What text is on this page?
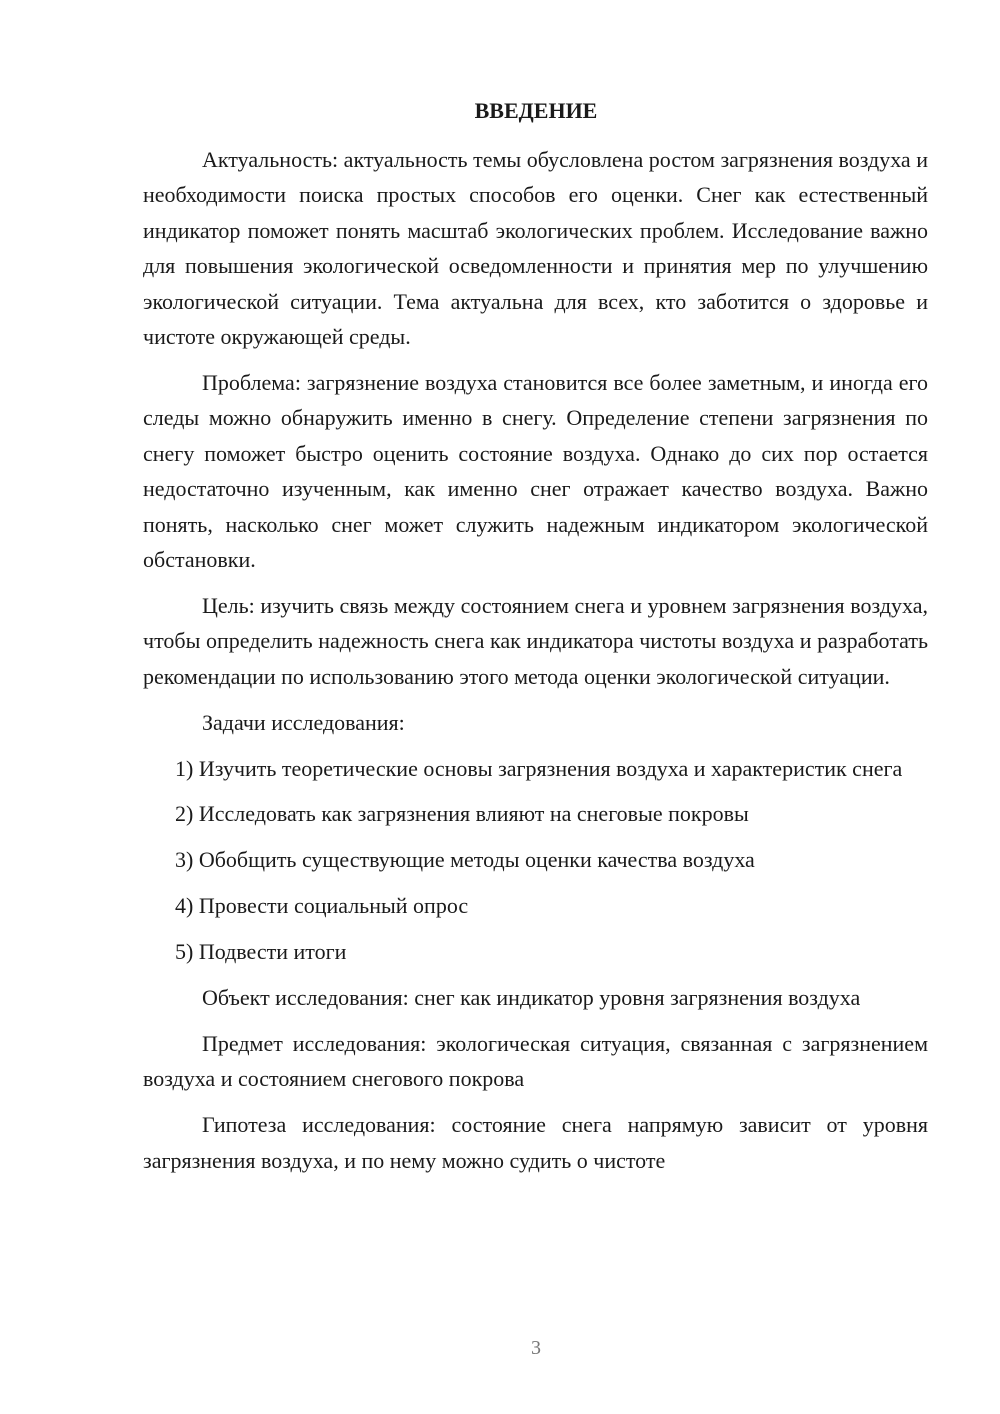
ВВЕДЕНИЕ

Актуальность: актуальность темы обусловлена ростом загрязнения воздуха и необходимости поиска простых способов его оценки. Снег как естественный индикатор поможет понять масштаб экологических проблем. Исследование важно для повышения экологической осведомленности и принятия мер по улучшению экологической ситуации. Тема актуальна для всех, кто заботится о здоровье и чистоте окружающей среды.

Проблема: загрязнение воздуха становится все более заметным, и иногда его следы можно обнаружить именно в снегу. Определение степени загрязнения по снегу поможет быстро оценить состояние воздуха. Однако до сих пор остается недостаточно изученным, как именно снег отражает качество воздуха. Важно понять, насколько снег может служить надежным индикатором экологической обстановки.

Цель: изучить связь между состоянием снега и уровнем загрязнения воздуха, чтобы определить надежность снега как индикатора чистоты воздуха и разработать рекомендации по использованию этого метода оценки экологической ситуации.

Задачи исследования:

1) Изучить теоретические основы загрязнения воздуха и характеристик снега

2) Исследовать как загрязнения влияют на снеговые покровы

3) Обобщить существующие методы оценки качества воздуха

4) Провести социальный опрос

5) Подвести итоги

Объект исследования: снег как индикатор уровня загрязнения воздуха

Предмет исследования: экологическая ситуация, связанная с загрязнением воздуха и состоянием снегового покрова

Гипотеза исследования: состояние снега напрямую зависит от уровня загрязнения воздуха, и по нему можно судить о чистоте

3
